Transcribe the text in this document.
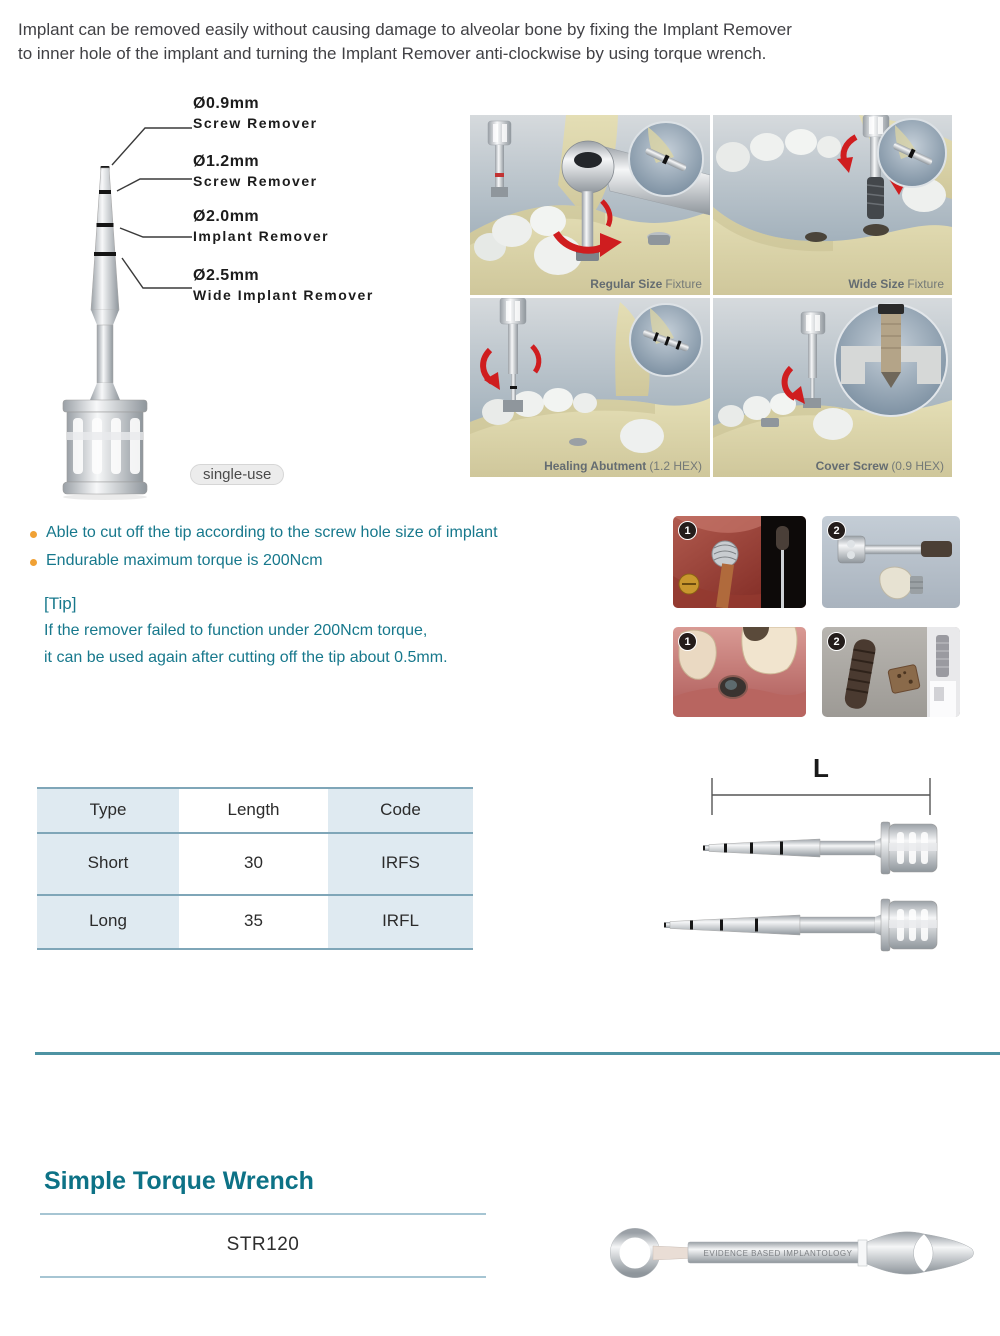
Implant can be removed easily without causing damage to alveolar bone by fixing the Implant Remover
to inner hole of the implant and turning the Implant Remover anti-clockwise by using torque wrench.
Ø0.9mm
Screw Remover
Ø1.2mm
Screw Remover
Ø2.0mm
Implant Remover
Ø2.5mm
Wide Implant Remover
single-use
Regular Size Fixture	Wide Size Fixture
Healing Abutment (1.2 HEX)	Cover Screw (0.9 HEX)
Able to cut off the tip according to the screw hole size of implant
Endurable maximum torque is 200Ncm
[Tip]
If the remover failed to function under 200Ncm torque,
it can be used again after cutting off the tip about 0.5mm.
1	2
1	2
Type	Length	Code
Short	30	IRFS
Long	35	IRFL
L
Simple Torque Wrench
STR120	EVIDENCE BASED IMPLANTOLOGY
